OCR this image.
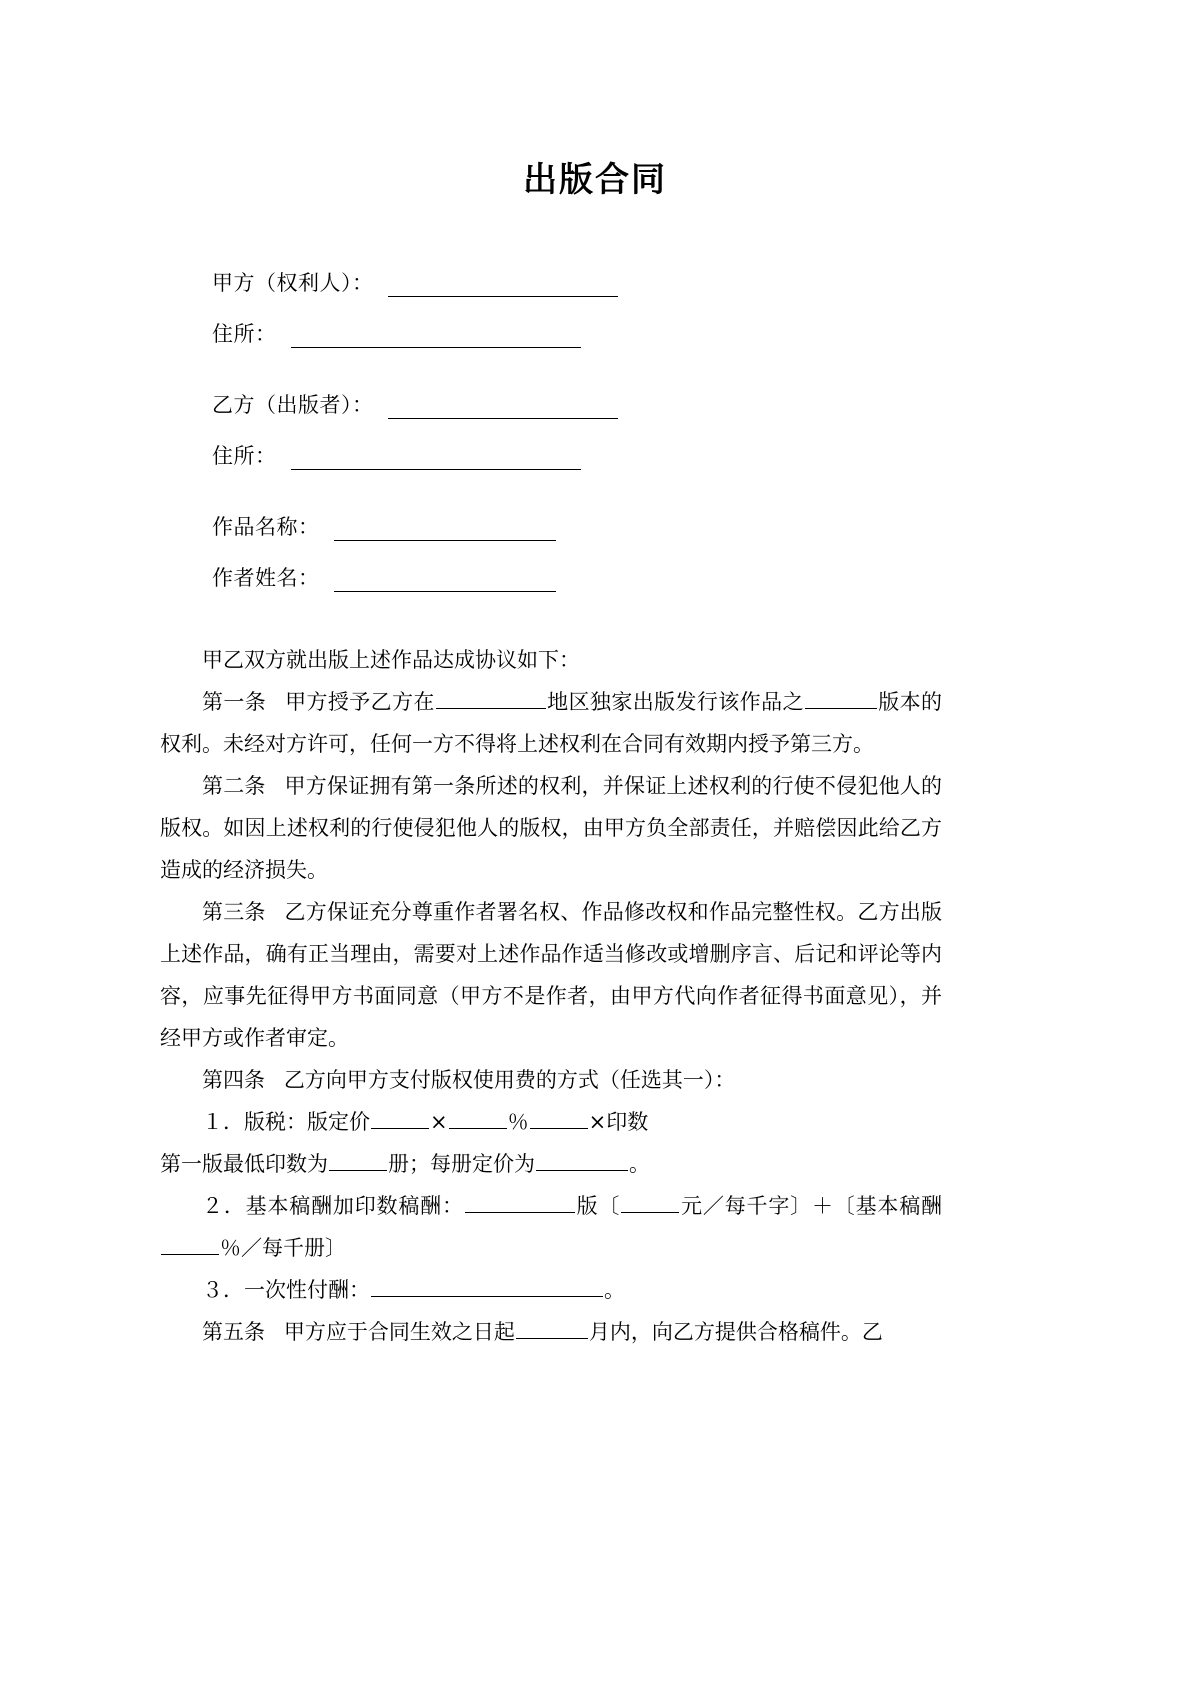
出版合同
甲方（权利人）：
住所：
乙方（出版者）：
住所：
作品名称：
作者姓名：

甲乙双方就出版上述作品达成协议如下：

第一条 甲方授予乙方在	地区独家出版发行该作品之	版本的权利。未经对方许可，任何一方不得将上述权利在合同有效期内授予第三方。

第二条 甲方保证拥有第一条所述的权利，并保证上述权利的行使不侵犯他人的版权。如因上述权利的行使侵犯他人的版权，由甲方负全部责任，并赔偿因此给乙方造成的经济损失。

第三条 乙方保证充分尊重作者署名权、作品修改权和作品完整性权。乙方出版上述作品，确有正当理由，需要对上述作品作适当修改或增删序言、后记和评论等内容，应事先征得甲方书面同意（甲方不是作者，由甲方代向作者征得书面意见），并经甲方或作者审定。

第四条 乙方向甲方支付版权使用费的方式（任选其一）：

１．版税：版定价	×	％	×印数

第一版最低印数为	册；每册定价为	。

２．基本稿酬加印数稿酬：	版〔	元／每千字〕＋〔基本稿酬％／每千册〕

３．一次性付酬：	。

第五条 甲方应于合同生效之日起	月内，向乙方提供合格稿件。乙
